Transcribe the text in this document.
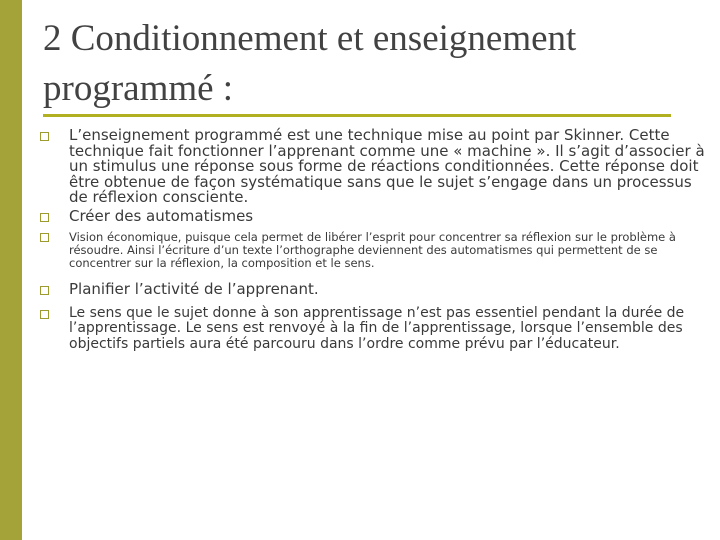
2 Conditionnement et enseignement programmé :
L’enseignement programmé est une technique mise au point par Skinner. Cette technique fait fonctionner l’apprenant comme une « machine ». Il s’agit d’associer à un stimulus une réponse sous forme de réactions conditionnées. Cette réponse doit être obtenue de façon systématique sans que le sujet s’engage dans un processus de réflexion consciente.
Créer des automatismes
Vision économique, puisque cela permet de libérer l’esprit pour concentrer sa réflexion sur le problème à résoudre. Ainsi l’écriture d’un texte l’orthographe deviennent des automatismes qui permettent de se concentrer sur la réflexion, la composition et le sens.
Planifier l’activité de l’apprenant.
Le sens que le sujet donne à son apprentissage n’est pas essentiel pendant la durée de l’apprentissage. Le sens est renvoyé à la fin de l’apprentissage, lorsque l’ensemble des objectifs partiels aura été parcouru dans l’ordre comme prévu par l’éducateur.
